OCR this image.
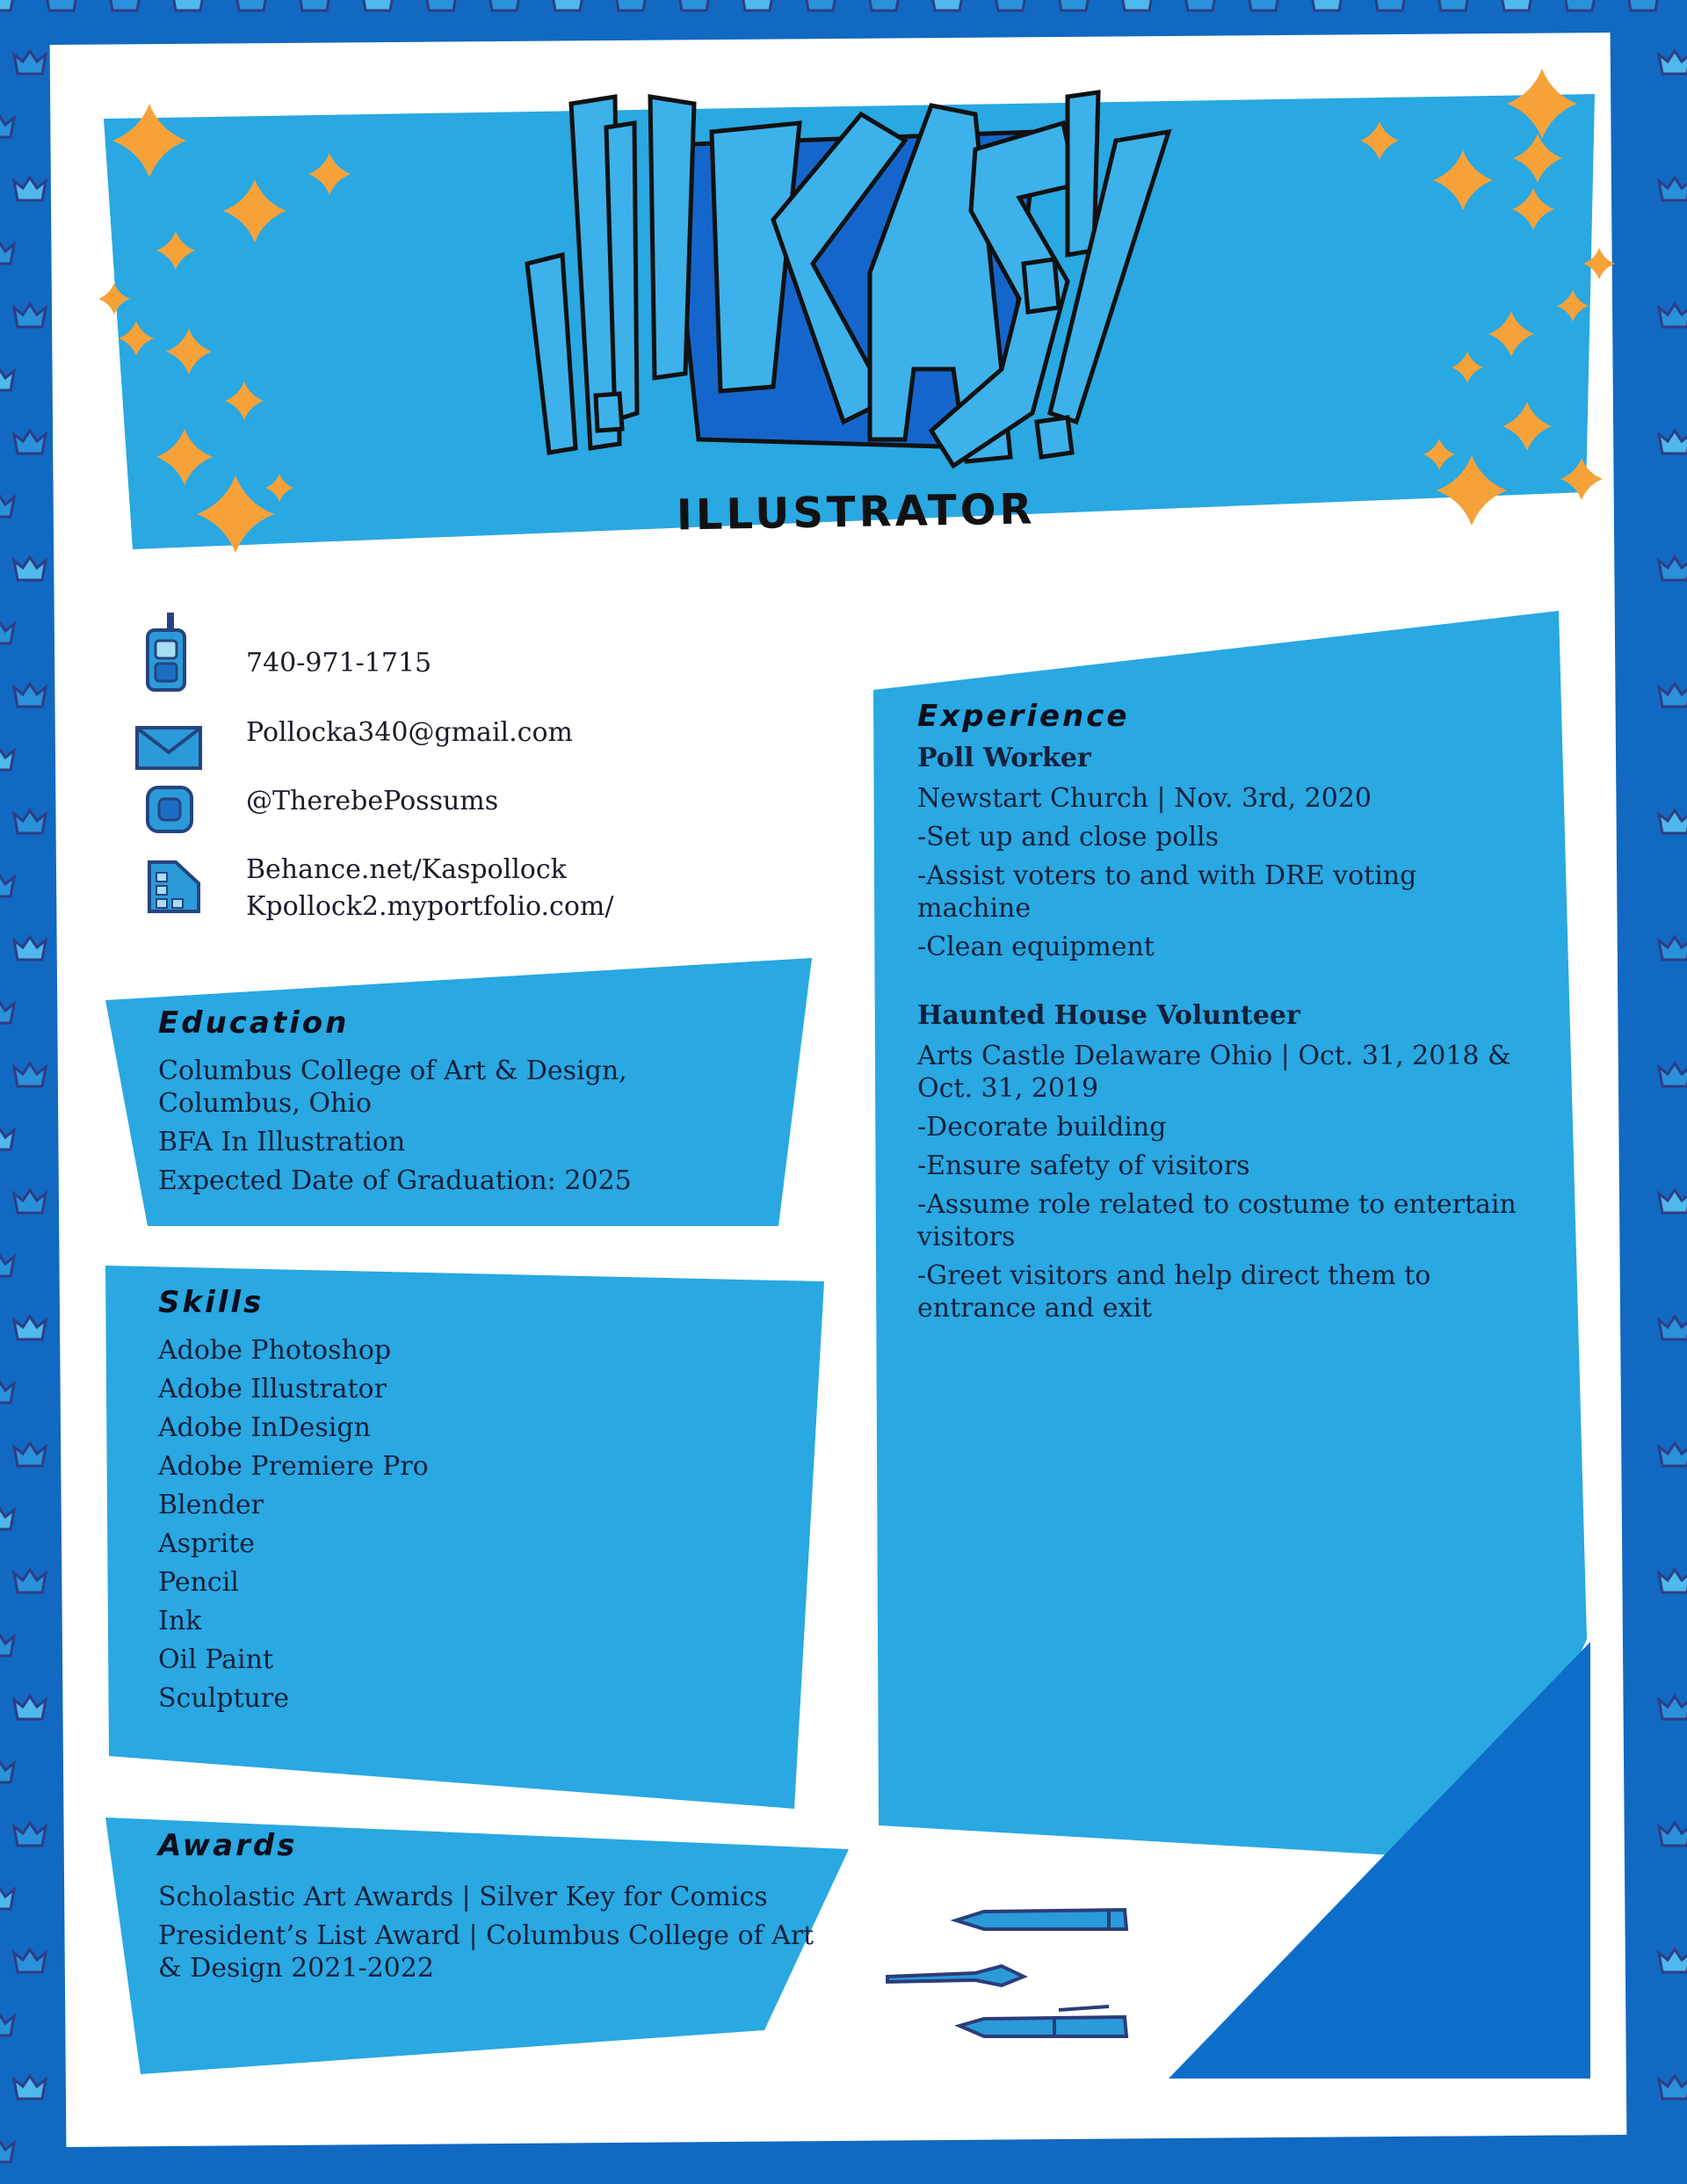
ILLUSTRATOR
740-971-1715
Pollocka340@gmail.com
@TherebePossums
Behance.net/Kaspollock
Kpollock2.myportfolio.com/
Education
Columbus College of Art & Design,
Columbus, Ohio
BFA In Illustration
Expected Date of Graduation: 2025
Skills
Adobe Photoshop
Adobe Illustrator
Adobe InDesign
Adobe Premiere Pro
Blender
Asprite
Pencil
Ink
Oil Paint
Sculpture
Awards
Scholastic Art Awards | Silver Key for Comics
President’s List Award | Columbus College of Art
& Design 2021-2022
Experience
Poll Worker
Newstart Church | Nov. 3rd, 2020
-Set up and close polls
-Assist voters to and with DRE voting machine
-Clean equipment
Haunted House Volunteer
Arts Castle Delaware Ohio | Oct. 31, 2018 & Oct. 31, 2019
-Decorate building
-Ensure safety of visitors
-Assume role related to costume to entertain visitors
-Greet visitors and help direct them to entrance and exit
